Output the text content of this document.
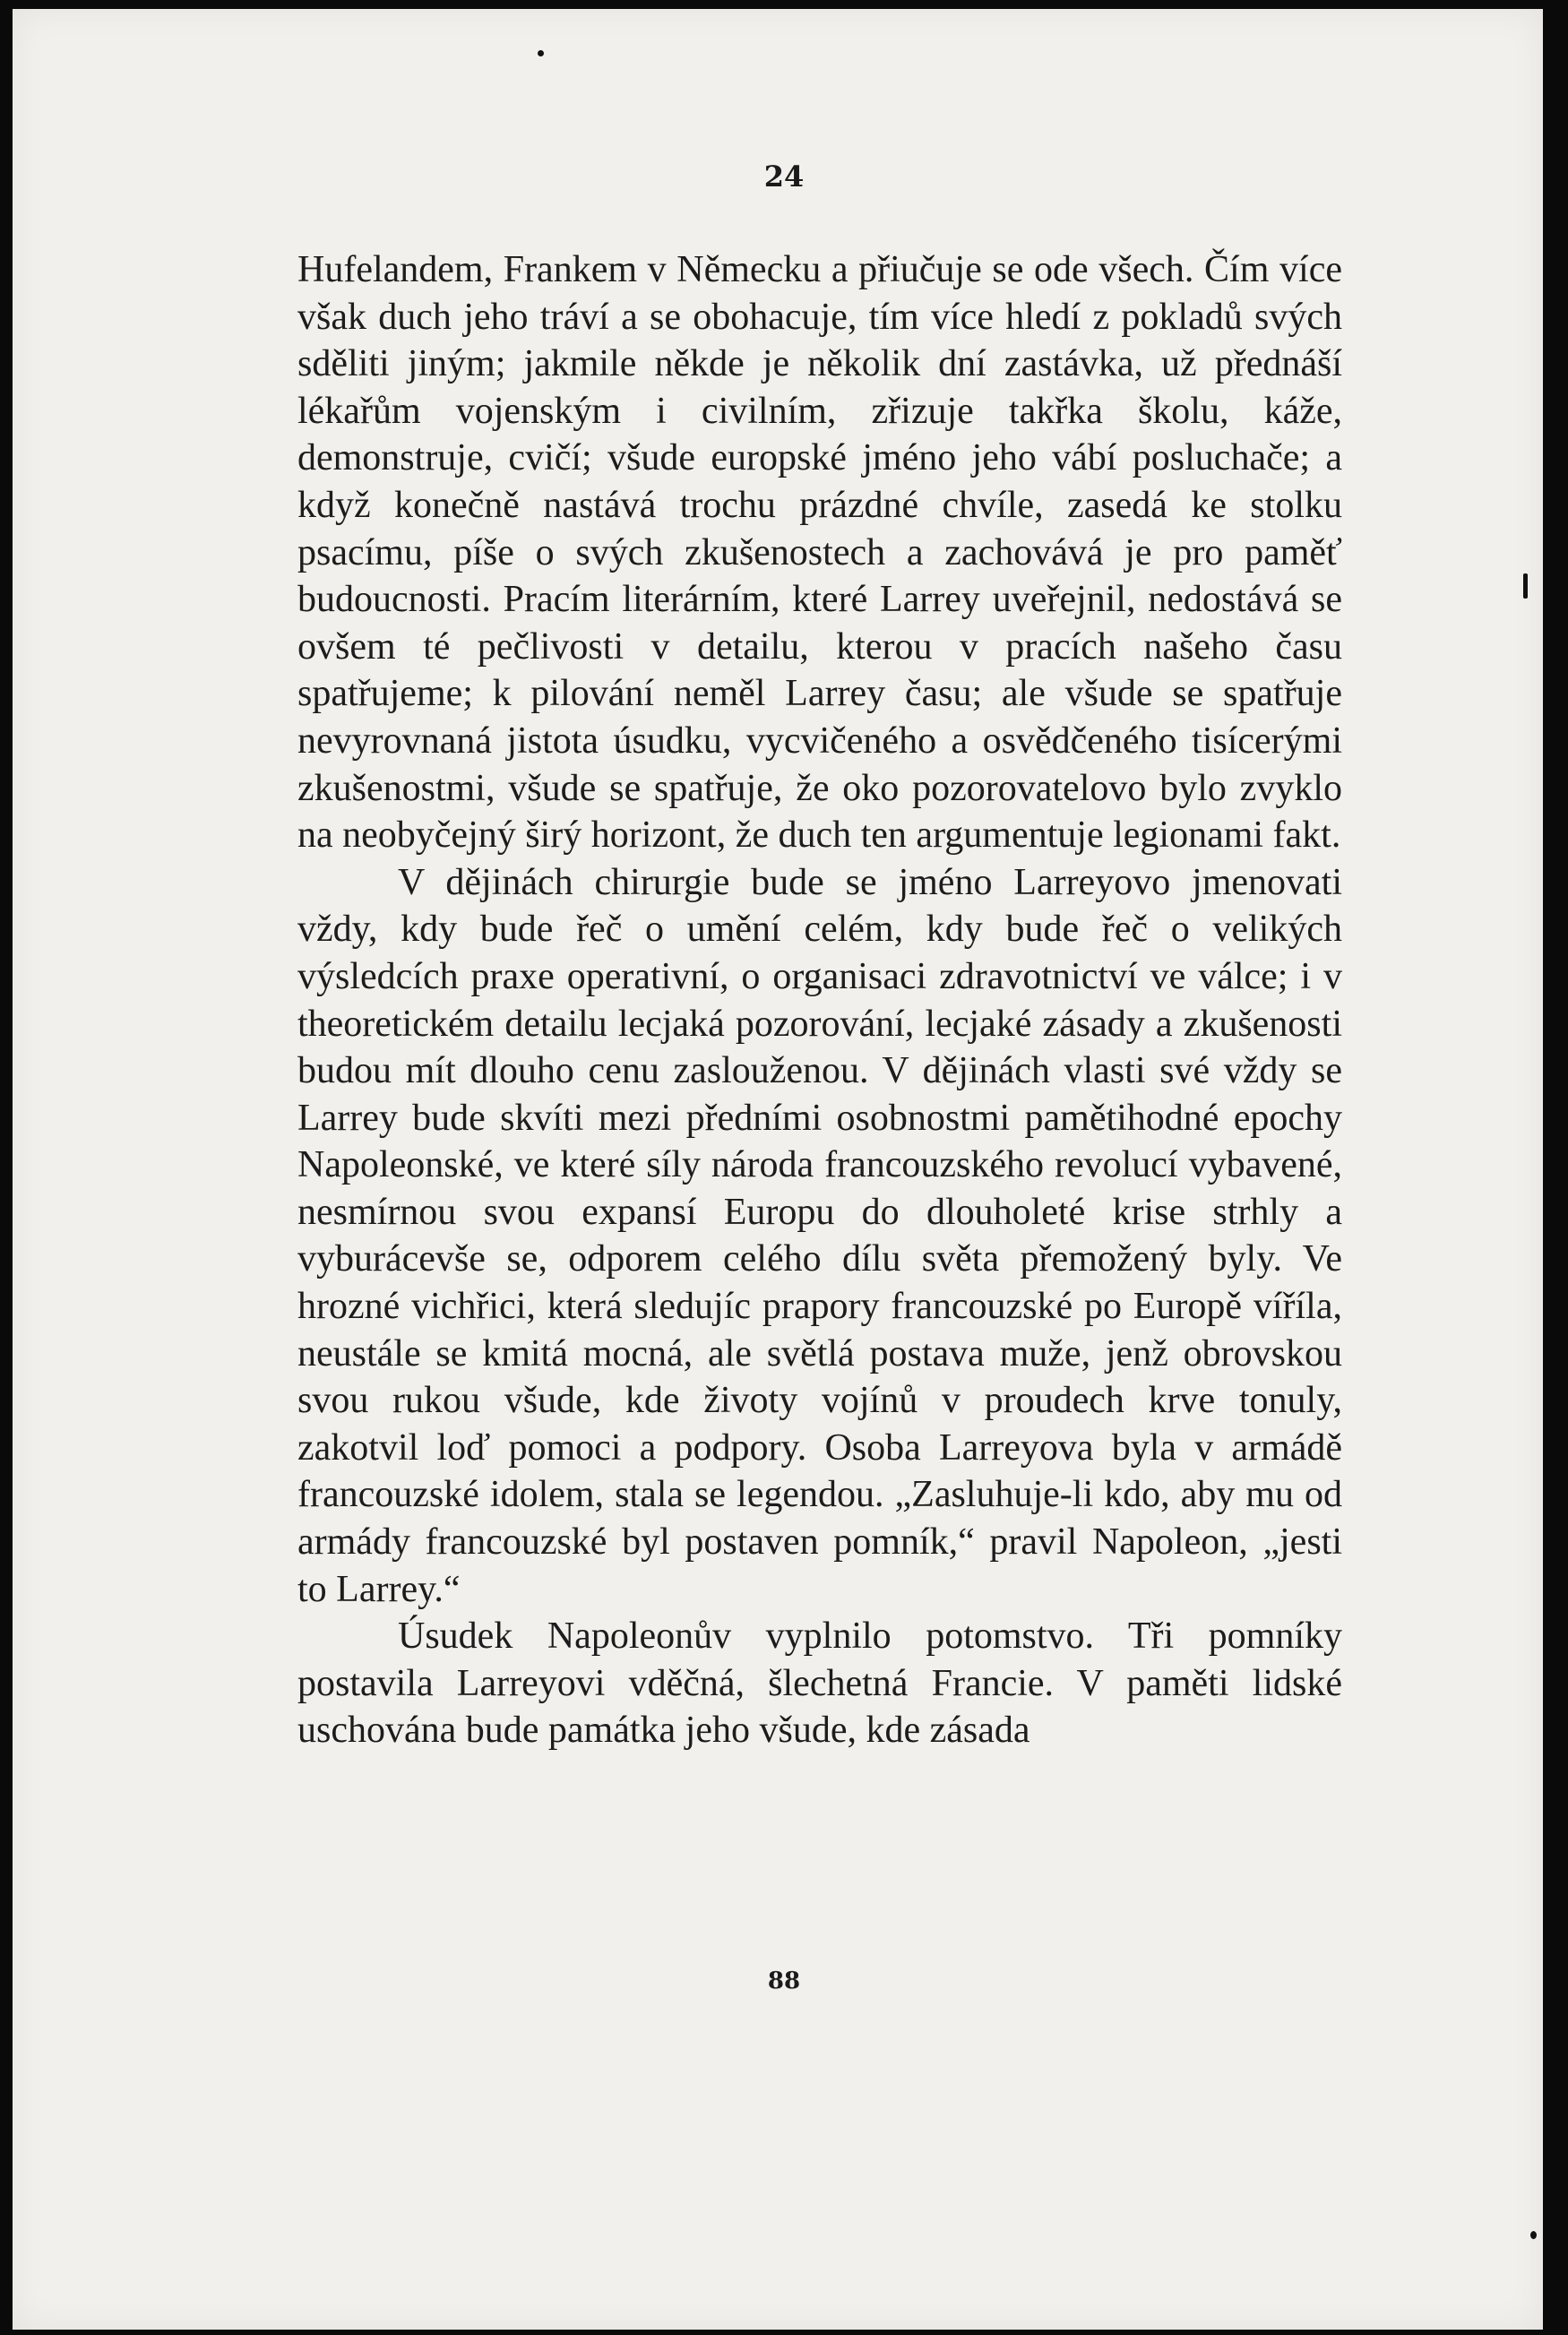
24

Hufelandem, Frankem v Německu a přiučuje se ode všech. Čím více však duch jeho tráví a se obohacuje, tím více hledí z pokladů svých sděliti jiným; jakmile někde je několik dní zastávka, už přednáší lékařům vojenským i civilním, zřizuje takřka školu, káže, demonstruje, cvičí; všude europské jméno jeho vábí posluchače; a když konečně nastává trochu prázdné chvíle, zasedá ke stolku psacímu, píše o svých zkušenostech a zachovává je pro paměť budoucnosti. Pracím literárním, které Larrey uveřejnil, nedostává se ovšem té pečlivosti v detailu, kterou v pracích našeho času spatřujeme; k pilování neměl Larrey času; ale všude se spatřuje nevyrovnaná jistota úsudku, vycvičeného a osvědčeného tisícerými zkušenostmi, všude se spatřuje, že oko pozorovatelovo bylo zvyklo na neobyčejný širý horizont, že duch ten argumentuje legionami fakt.

V dějinách chirurgie bude se jméno Larreyovo jmenovati vždy, kdy bude řeč o umění celém, kdy bude řeč o velikých výsledcích praxe operativní, o organisaci zdravotnictví ve válce; i v theoretickém detailu lecjaká pozorování, lecjaké zásady a zkušenosti budou mít dlouho cenu zaslouženou. V dějinách vlasti své vždy se Larrey bude skvíti mezi předními osobnostmi pamětihodné epochy Napoleonské, ve které síly národa francouzského revolucí vybavené, nesmírnou svou expansí Europu do dlouholeté krise strhly a vyburácevše se, odporem celého dílu světa přemožený byly. Ve hrozné vichřici, která sledujíc prapory francouzské po Europě víříla, neustále se kmitá mocná, ale světlá postava muže, jenž obrovskou svou rukou všude, kde životy vojínů v proudech krve tonuly, zakotvil loď pomoci a podpory. Osoba Larreyova byla v armádě francouzské idolem, stala se legendou. „Zasluhuje-li kdo, aby mu od armády francouzské byl postaven pomník,“ pravil Napoleon, „jesti to Larrey.“

Úsudek Napoleonův vyplnilo potomstvo. Tři pomníky postavila Larreyovi vděčná, šlechetná Francie. V paměti lidské uschována bude památka jeho všude, kde zásada

88
